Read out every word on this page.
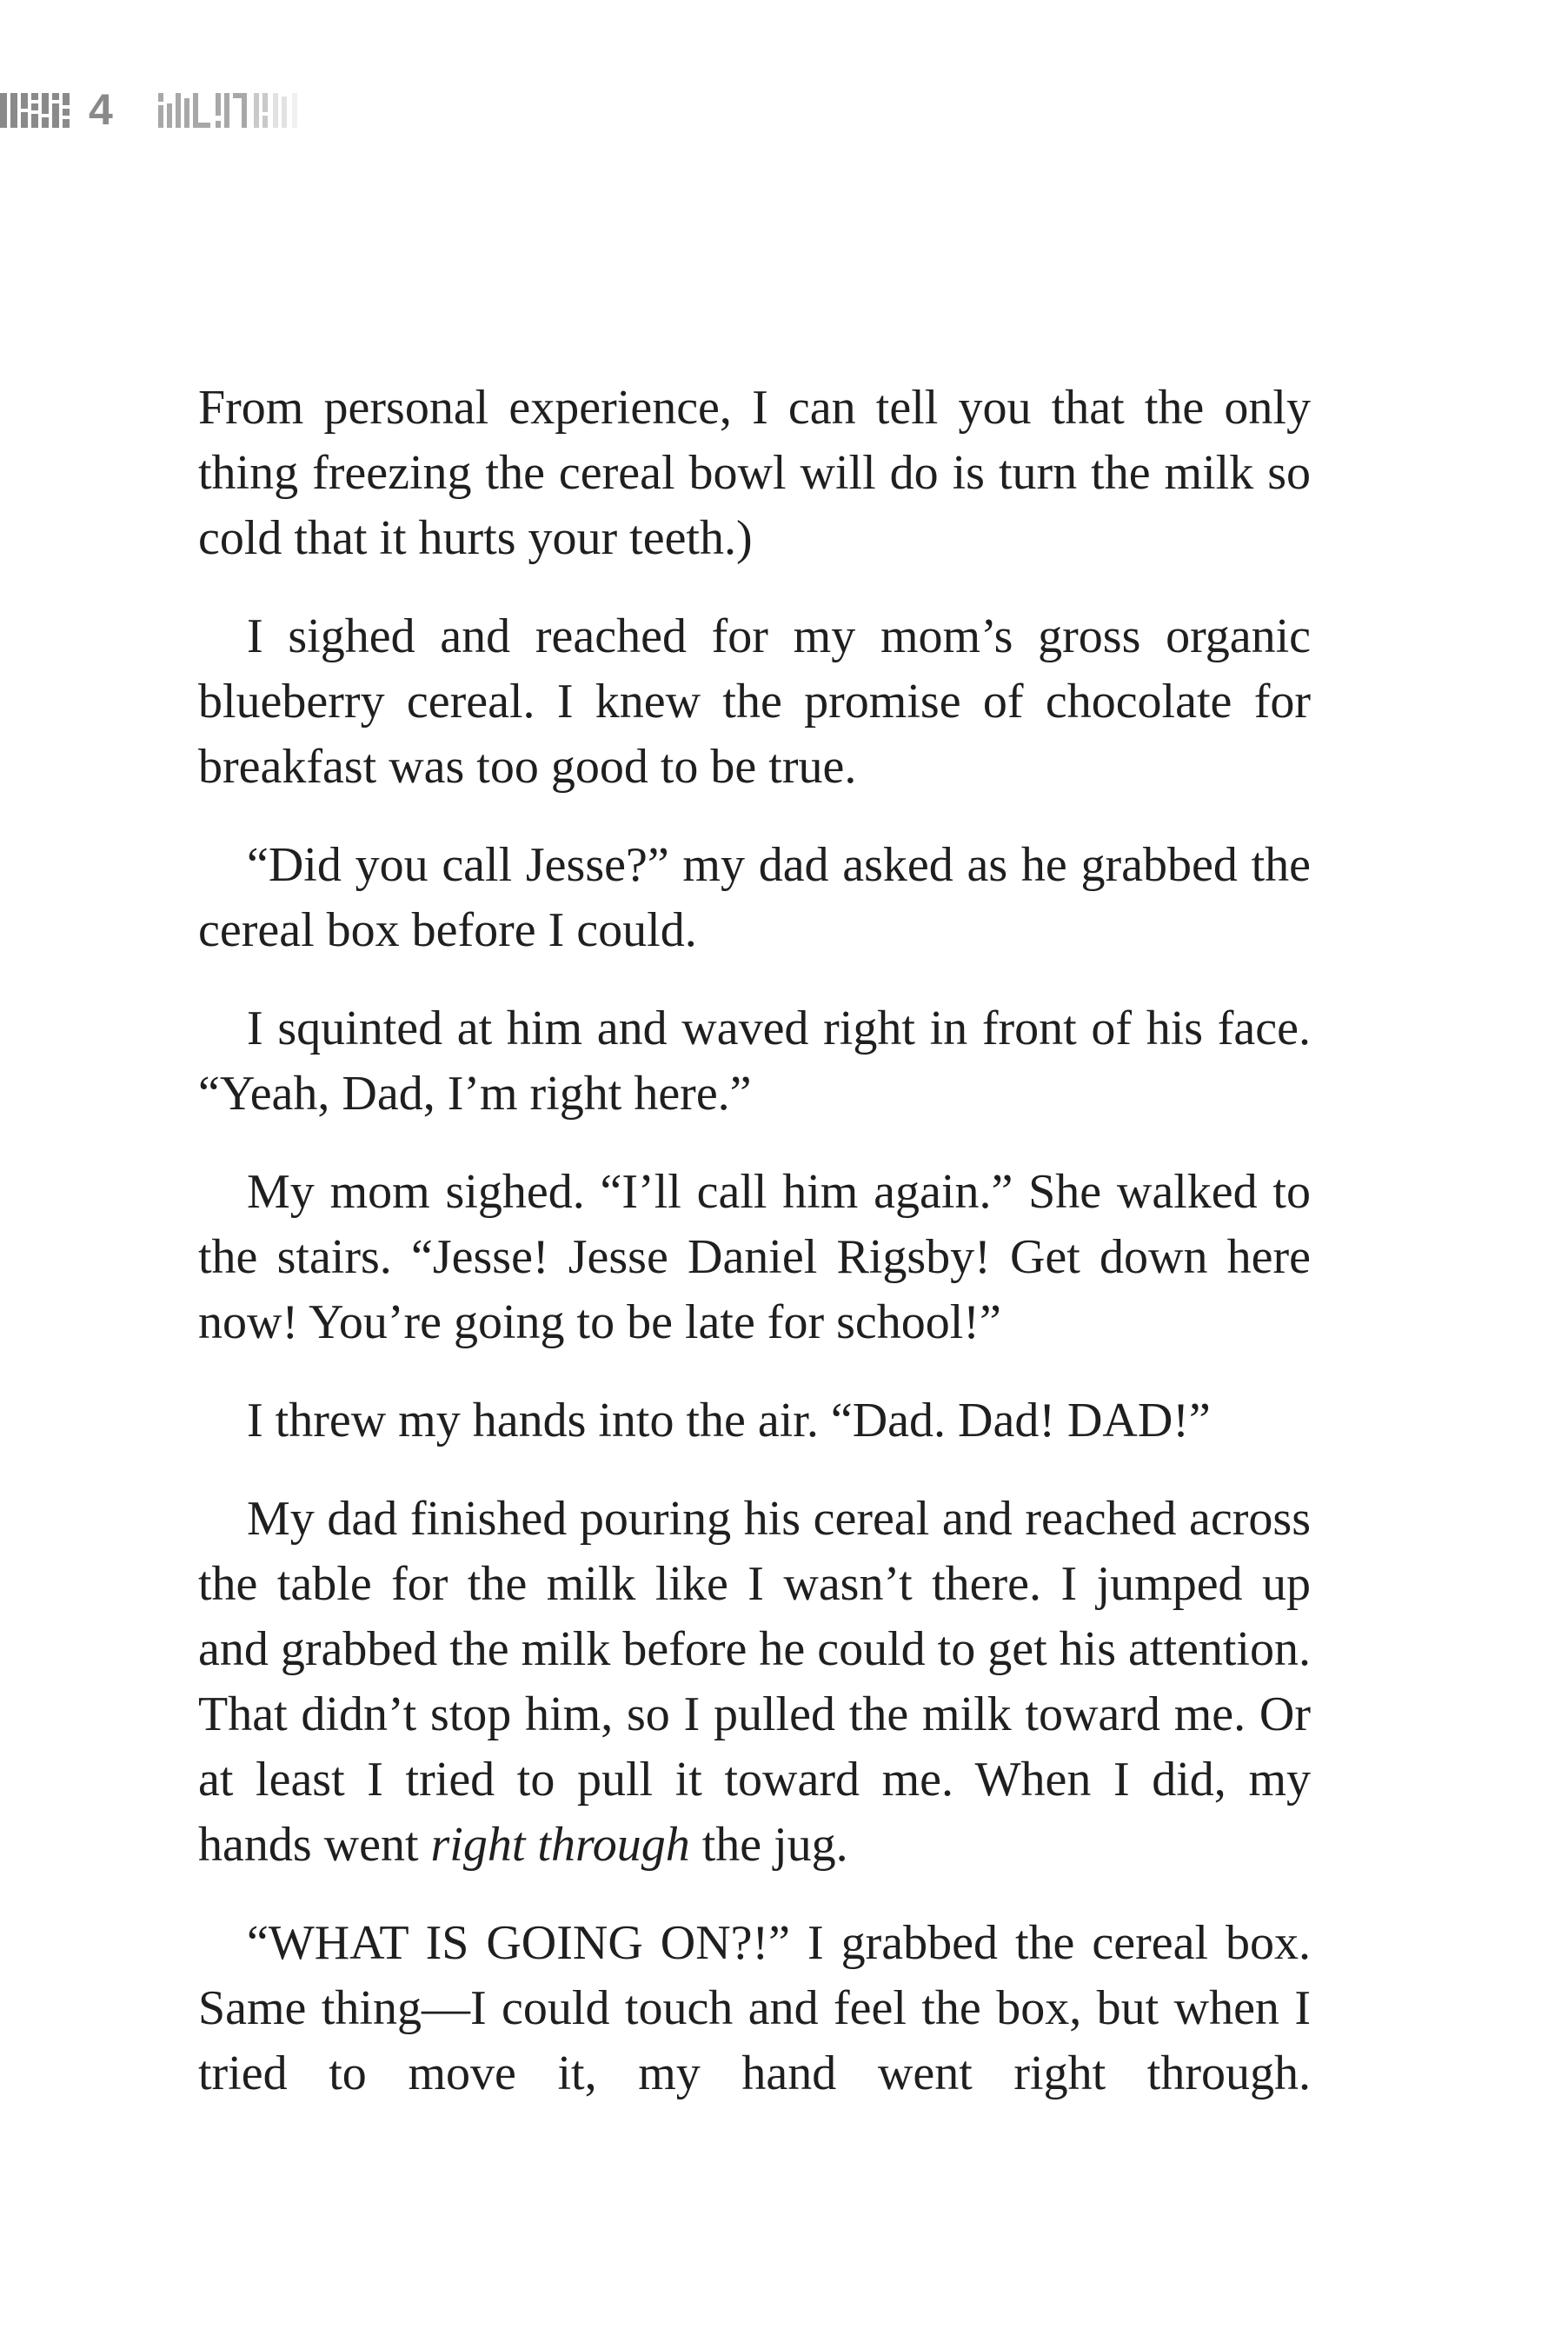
4

From personal experience, I can tell you that the only thing freezing the cereal bowl will do is turn the milk so cold that it hurts your teeth.)

I sighed and reached for my mom’s gross organic blueberry cereal. I knew the promise of chocolate for breakfast was too good to be true.

“Did you call Jesse?” my dad asked as he grabbed the cereal box before I could.

I squinted at him and waved right in front of his face. “Yeah, Dad, I’m right here.”

My mom sighed. “I’ll call him again.” She walked to the stairs. “Jesse! Jesse Daniel Rigsby! Get down here now! You’re going to be late for school!”

I threw my hands into the air. “Dad. Dad! DAD!”

My dad finished pouring his cereal and reached across the table for the milk like I wasn’t there. I jumped up and grabbed the milk before he could to get his attention. That didn’t stop him, so I pulled the milk toward me. Or at least I tried to pull it toward me. When I did, my hands went right through the jug.

“WHAT IS GOING ON?!” I grabbed the cereal box. Same thing—I could touch and feel the box, but when I tried to move it, my hand went right through.
